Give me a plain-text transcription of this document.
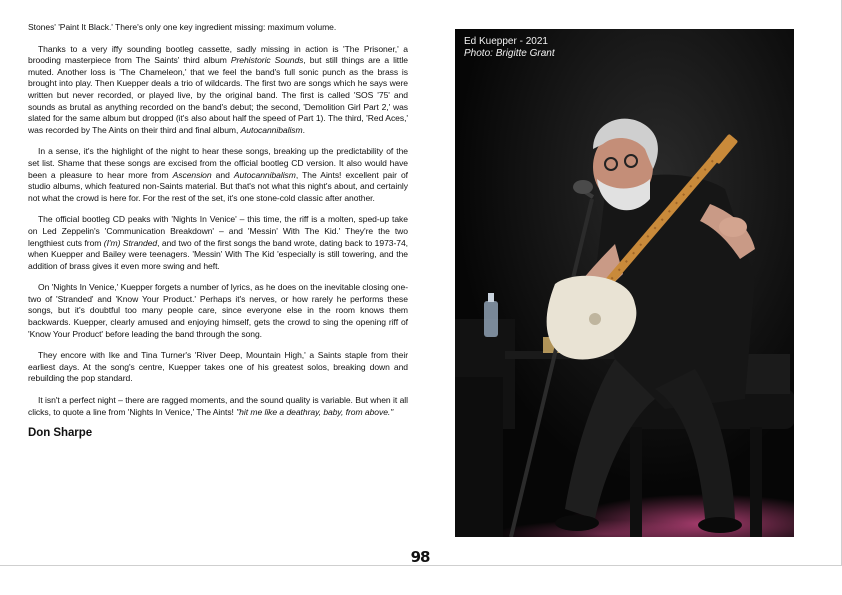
Stones' 'Paint It Black.' There's only one key ingredient missing: maximum volume.

Thanks to a very iffy sounding bootleg cassette, sadly missing in action is 'The Prisoner,' a brooding masterpiece from The Saints' third album Prehistoric Sounds, but still things are a little muted. Another loss is 'The Chameleon,' that we feel the band's full sonic punch as the brass is brought into play. Then Kuepper deals a trio of wildcards. The first two are songs which he says were written but never recorded, or played live, by the original band. The first is called 'SOS '75' and sounds as brutal as anything recorded on the band's debut; the second, 'Demolition Girl Part 2,' was slated for the same album but dropped (it's also about half the speed of Part 1). The third, 'Red Aces,' was recorded by The Aints on their third and final album, Autocannibalism.

In a sense, it's the highlight of the night to hear these songs, breaking up the predictability of the set list. Shame that these songs are excised from the official bootleg CD version. It also would have been a pleasure to hear more from Ascension and Autocannibalism, The Aints! excellent pair of studio albums, which featured non-Saints material. But that's not what this night's about, and certainly not what the crowd is here for. For the rest of the set, it's one stone-cold classic after another.

The official bootleg CD peaks with 'Nights In Venice' – this time, the riff is a molten, sped-up take on Led Zeppelin's 'Communication Breakdown' – and 'Messin' With The Kid.' They're the two lengthiest cuts from (I'm) Stranded, and two of the first songs the band wrote, dating back to 1973-74, when Kuepper and Bailey were teenagers. 'Messin' With The Kid 'especially is still towering, and the addition of brass gives it even more swing and heft.

On 'Nights In Venice,' Kuepper forgets a number of lyrics, as he does on the inevitable closing one-two of 'Stranded' and 'Know Your Product.' Perhaps it's nerves, or how rarely he performs these songs, but it's doubtful too many people care, since everyone else in the room knows them backwards. Kuepper, clearly amused and enjoying himself, gets the crowd to sing the opening riff of 'Know Your Product' before leading the band through the song.

They encore with Ike and Tina Turner's 'River Deep, Mountain High,' a Saints staple from their earliest days. At the song's centre, Kuepper takes one of his greatest solos, breaking down and rebuilding the pop standard.

It isn't a perfect night – there are ragged moments, and the sound quality is variable. But when it all clicks, to quote a line from 'Nights In Venice,' The Aints! "hit me like a deathray, baby, from above."

Don Sharpe
Ed Kuepper - 2021
Photo: Brigitte Grant
98
